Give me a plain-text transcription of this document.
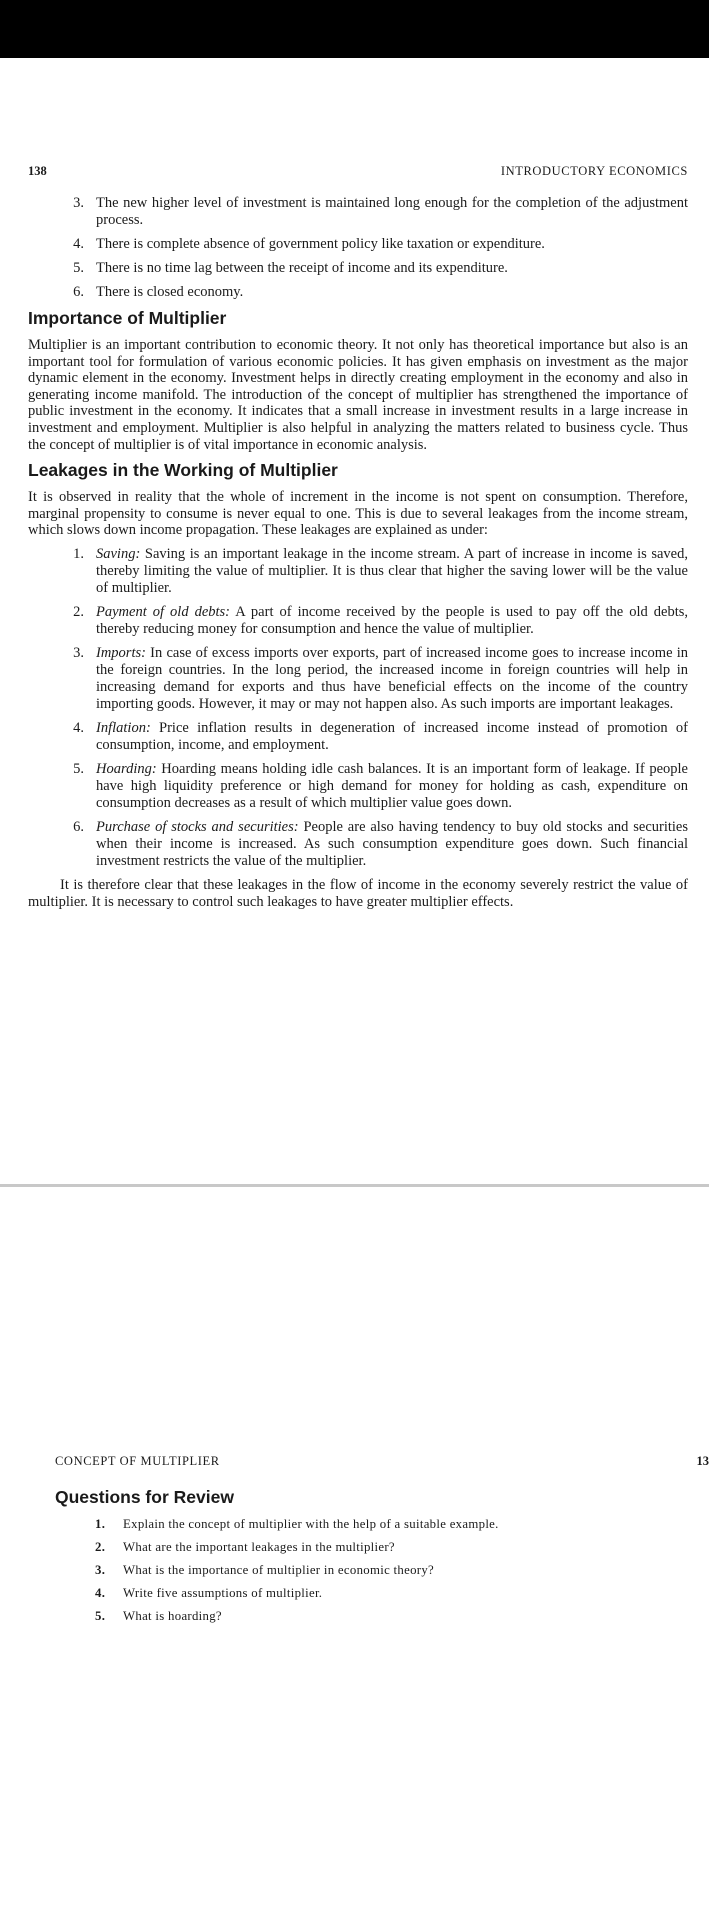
138	INTRODUCTORY ECONOMICS
3. The new higher level of investment is maintained long enough for the completion of the adjustment process.
4. There is complete absence of government policy like taxation or expenditure.
5. There is no time lag between the receipt of income and its expenditure.
6. There is closed economy.
Importance of Multiplier

Multiplier is an important contribution to economic theory. It not only has theoretical importance but also is an important tool for formulation of various economic policies. It has given emphasis on investment as the major dynamic element in the economy. Investment helps in directly creating employment in the economy and also in generating income manifold. The introduction of the concept of multiplier has strengthened the importance of public investment in the economy. It indicates that a small increase in investment results in a large increase in investment and employment. Multiplier is also helpful in analyzing the matters related to business cycle. Thus the concept of multiplier is of vital importance in economic analysis.

Leakages in the Working of Multiplier

It is observed in reality that the whole of increment in the income is not spent on consumption. Therefore, marginal propensity to consume is never equal to one. This is due to several leakages from the income stream, which slows down income propagation. These leakages are explained as under:

1. Saving: Saving is an important leakage in the income stream. A part of increase in income is saved, thereby limiting the value of multiplier. It is thus clear that higher the saving lower will be the value of multiplier.
2. Payment of old debts: A part of income received by the people is used to pay off the old debts, thereby reducing money for consumption and hence the value of multiplier.
3. Imports: In case of excess imports over exports, part of increased income goes to increase income in the foreign countries. In the long period, the increased income in foreign countries will help in increasing demand for exports and thus have beneficial effects on the income of the country importing goods. However, it may or may not happen also. As such imports are important leakages.
4. Inflation: Price inflation results in degeneration of increased income instead of promotion of consumption, income, and employment.
5. Hoarding: Hoarding means holding idle cash balances. It is an important form of leakage. If people have high liquidity preference or high demand for money for holding as cash, expenditure on consumption decreases as a result of which multiplier value goes down.
6. Purchase of stocks and securities: People are also having tendency to buy old stocks and securities when their income is increased. As such consumption expenditure goes down. Such financial investment restricts the value of the multiplier.

It is therefore clear that these leakages in the flow of income in the economy severely restrict the value of multiplier. It is necessary to control such leakages to have greater multiplier effects.

CONCEPT OF MULTIPLIER	13
Questions for Review
1.	Explain the concept of multiplier with the help of a suitable example.
2.	What are the important leakages in the multiplier?
3.	What is the importance of multiplier in economic theory?
4.	Write five assumptions of multiplier.
5.	What is hoarding?
